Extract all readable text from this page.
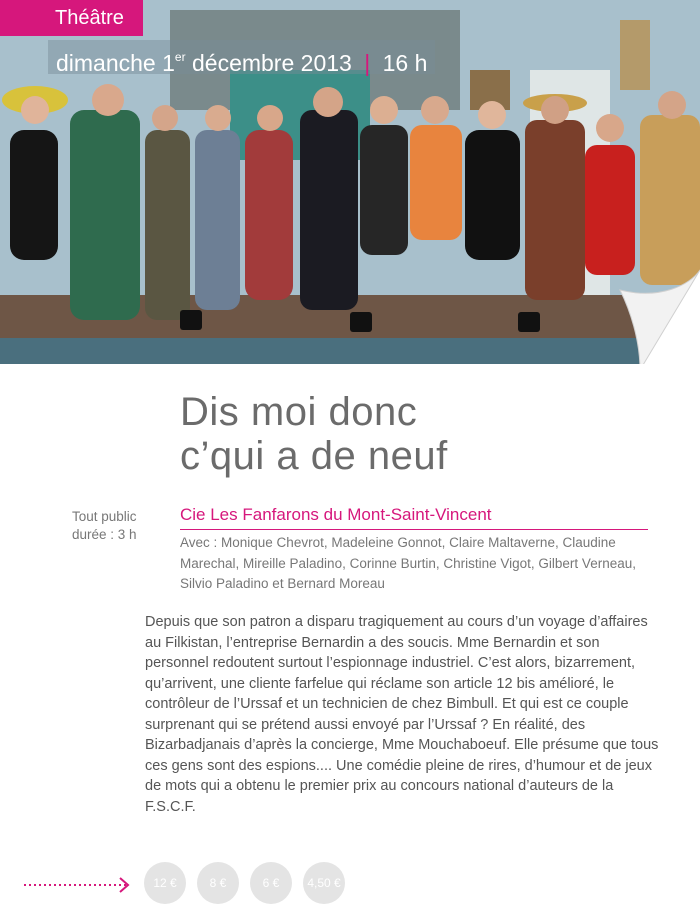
Théâtre
dimanche 1er décembre 2013 | 16 h
Dis moi donc
c’qui a de neuf
Tout public
durée : 3 h
Cie Les Fanfarons du Mont-Saint-Vincent
Avec : Monique Chevrot, Madeleine Gonnot, Claire Maltaverne, Claudine Marechal, Mireille Paladino, Corinne Burtin, Christine Vigot, Gilbert Verneau, Silvio Paladino et Bernard Moreau
Depuis que son patron a disparu tragiquement au cours d’un voyage d’affaires au Filkistan, l’entreprise Bernardin a des soucis. Mme Bernardin et son personnel redoutent surtout l’espionnage industriel. C’est alors, bizarrement, qu’arrivent, une cliente farfelue qui réclame son article 12 bis amélioré, le contrôleur de l’Urssaf et un technicien de chez Bimbull. Et qui est ce couple surprenant qui se prétend aussi envoyé par l’Urssaf ? En réalité, des Bizarbadjanais d’après la concierge, Mme Mouchaboeuf. Elle présume que tous ces gens sont des espions.... Une comédie pleine de rires, d’humour et de jeux de mots qui a obtenu le premier prix au concours national d’auteurs de la F.S.C.F.
12 €	8 €	6 €	4,50 €
